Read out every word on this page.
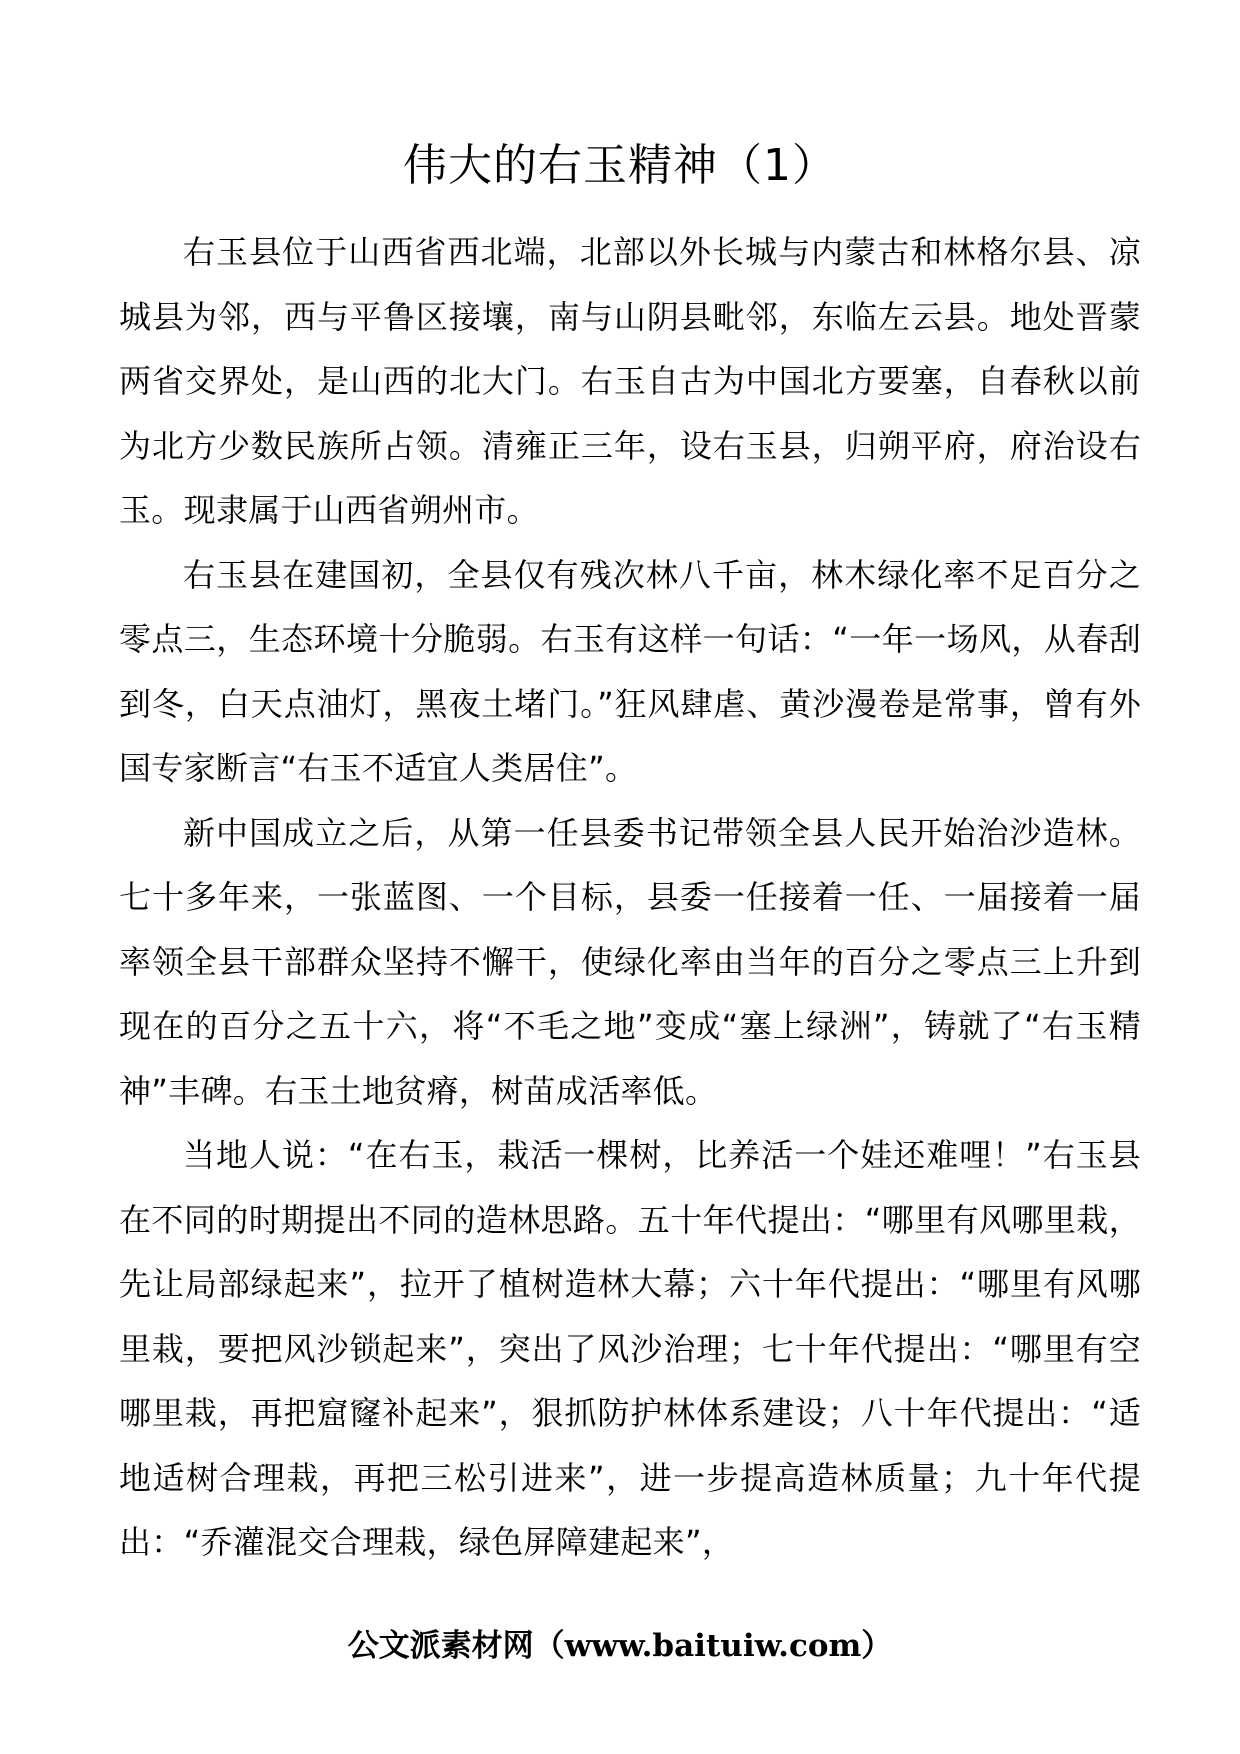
伟大的右玉精神（1）

右玉县位于山西省西北端，北部以外长城与内蒙古和林格尔县、凉城县为邻，西与平鲁区接壤，南与山阴县毗邻，东临左云县。地处晋蒙两省交界处，是山西的北大门。右玉自古为中国北方要塞，自春秋以前为北方少数民族所占领。清雍正三年，设右玉县，归朔平府，府治设右玉。现隶属于山西省朔州市。

右玉县在建国初，全县仅有残次林八千亩，林木绿化率不足百分之零点三，生态环境十分脆弱。右玉有这样一句话：“一年一场风，从春刮到冬，白天点油灯，黑夜土堵门。”狂风肆虐、黄沙漫卷是常事，曾有外国专家断言“右玉不适宜人类居住”。

新中国成立之后，从第一任县委书记带领全县人民开始治沙造林。七十多年来，一张蓝图、一个目标，县委一任接着一任、一届接着一届率领全县干部群众坚持不懈干，使绿化率由当年的百分之零点三上升到现在的百分之五十六，将“不毛之地”变成“塞上绿洲”，铸就了“右玉精神”丰碑。右玉土地贫瘠，树苗成活率低。

当地人说：“在右玉，栽活一棵树，比养活一个娃还难哩！”右玉县在不同的时期提出不同的造林思路。五十年代提出：“哪里有风哪里栽，先让局部绿起来”，拉开了植树造林大幕；六十年代提出：“哪里有风哪里栽，要把风沙锁起来”，突出了风沙治理；七十年代提出：“哪里有空哪里栽，再把窟窿补起来”，狠抓防护林体系建设；八十年代提出：“适地适树合理栽，再把三松引进来”，进一步提高造林质量；九十年代提出：“乔灌混交合理栽，绿色屏障建起来”，

公文派素材网（www.baituiw.com）
